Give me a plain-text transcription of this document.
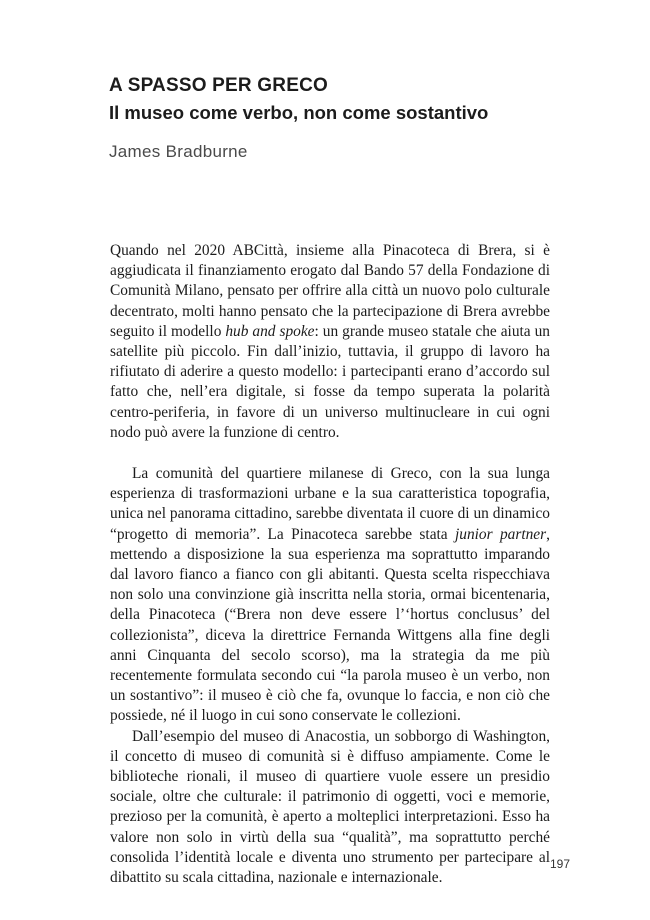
A SPASSO PER GRECO
Il museo come verbo, non come sostantivo

James Bradburne

Quando nel 2020 ABCittà, insieme alla Pinacoteca di Brera, si è aggiudicata il finanziamento erogato dal Bando 57 della Fondazione di Comunità Milano, pensato per offrire alla città un nuovo polo culturale decentrato, molti hanno pensato che la partecipazione di Brera avrebbe seguito il modello hub and spoke: un grande museo statale che aiuta un satellite più piccolo. Fin dall’inizio, tuttavia, il gruppo di lavoro ha rifiutato di aderire a questo modello: i partecipanti erano d’accordo sul fatto che, nell’era digitale, si fosse da tempo superata la polarità centro-periferia, in favore di un universo multinucleare in cui ogni nodo può avere la funzione di centro.

La comunità del quartiere milanese di Greco, con la sua lunga esperienza di trasformazioni urbane e la sua caratteristica topografia, unica nel panorama cittadino, sarebbe diventata il cuore di un dinamico “progetto di memoria”. La Pinacoteca sarebbe stata junior partner, mettendo a disposizione la sua esperienza ma soprattutto imparando dal lavoro fianco a fianco con gli abitanti. Questa scelta rispecchiava non solo una convinzione già inscritta nella storia, ormai bicentenaria, della Pinacoteca (“Brera non deve essere l’‘hortus conclusus’ del collezionista”, diceva la direttrice Fernanda Wittgens alla fine degli anni Cinquanta del secolo scorso), ma la strategia da me più recentemente formulata secondo cui “la parola museo è un verbo, non un sostantivo”: il museo è ciò che fa, ovunque lo faccia, e non ciò che possiede, né il luogo in cui sono conservate le collezioni.

Dall’esempio del museo di Anacostia, un sobborgo di Washington, il concetto di museo di comunità si è diffuso ampiamente. Come le biblioteche rionali, il museo di quartiere vuole essere un presidio sociale, oltre che culturale: il patrimonio di oggetti, voci e memorie, prezioso per la comunità, è aperto a molteplici interpretazioni. Esso ha valore non solo in virtù della sua “qualità”, ma soprattutto perché consolida l’identità locale e diventa uno strumento per partecipare al dibattito su scala cittadina, nazionale e internazionale.

197
